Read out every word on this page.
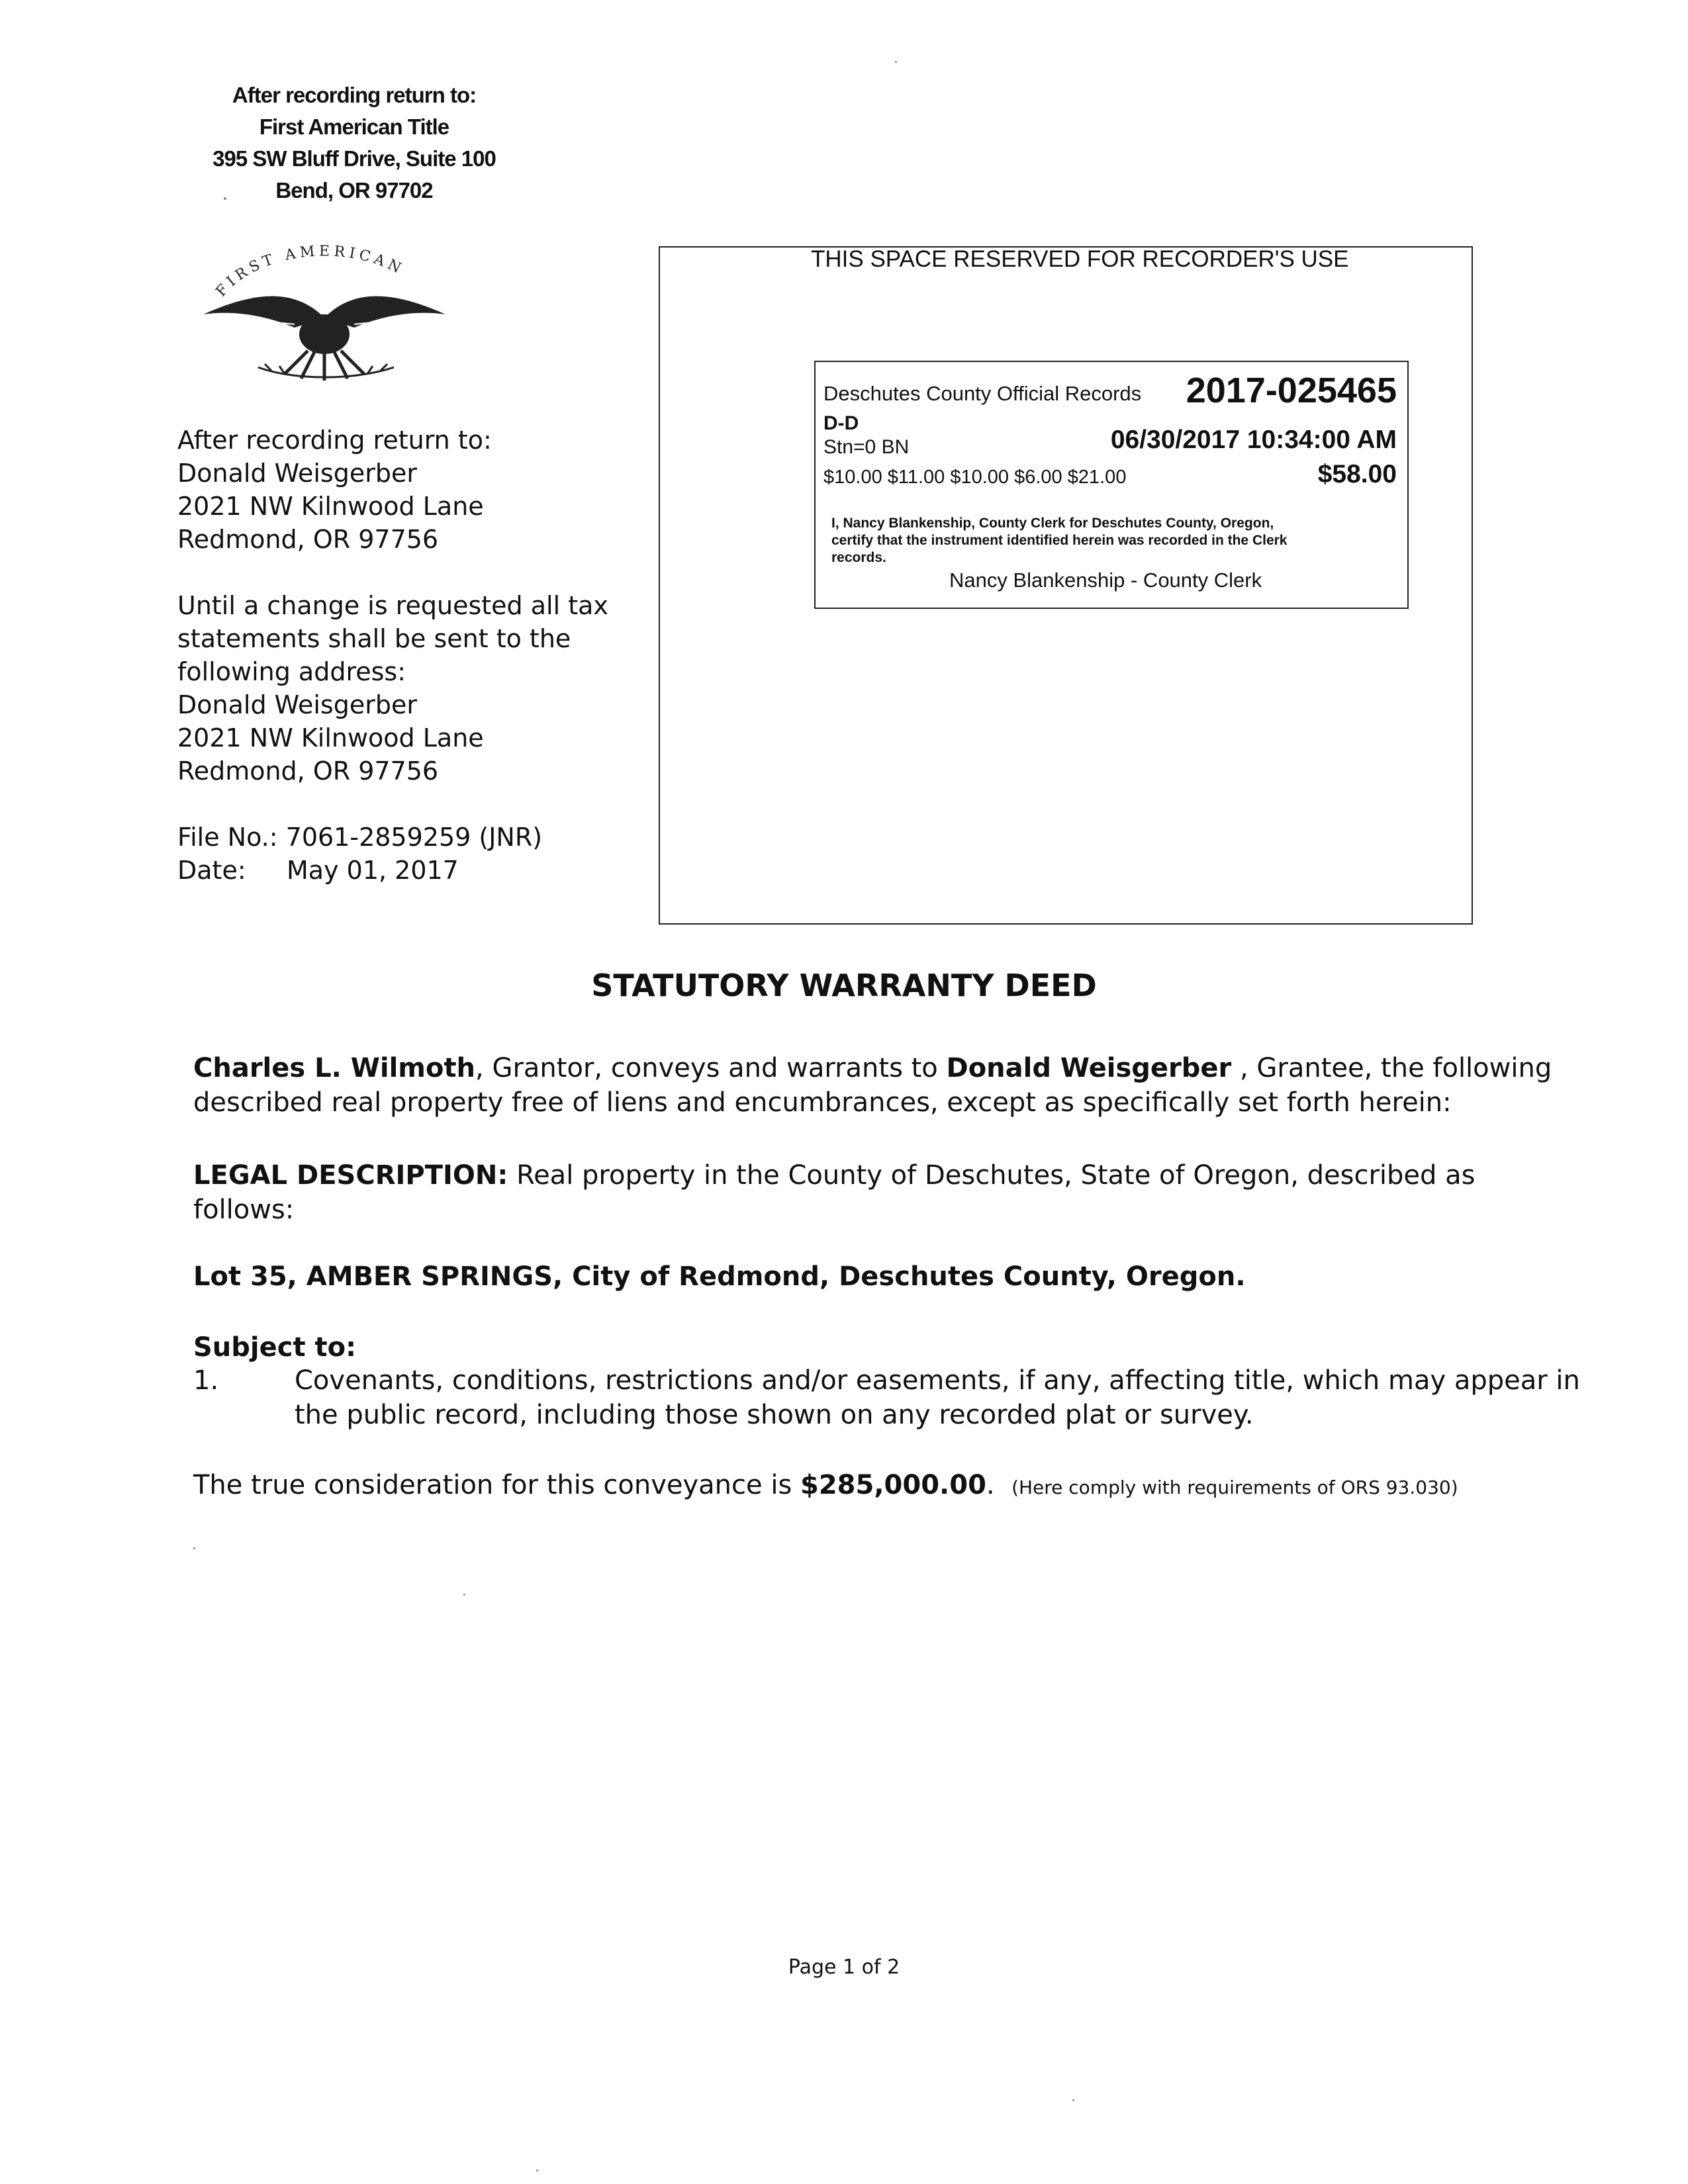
After recording return to:
First American Title
395 SW Bluff Drive, Suite 100
Bend, OR 97702
FIRST AMERICAN
After recording return to:
Donald Weisgerber
2021 NW Kilnwood Lane
Redmond, OR 97756
Until a change is requested all tax
statements shall be sent to the
following address:
Donald Weisgerber
2021 NW Kilnwood Lane
Redmond, OR 97756
File No.: 7061-2859259 (JNR)
Date: May 01, 2017
THIS SPACE RESERVED FOR RECORDER'S USE
Deschutes County Official Records 2017-025465
D-D
Stn=0 BN	06/30/2017 10:34:00 AM
$10.00 $11.00 $10.00 $6.00 $21.00	$58.00
I, Nancy Blankenship, County Clerk for Deschutes County, Oregon,
certify that the instrument identified herein was recorded in the Clerk
records.
Nancy Blankenship - County Clerk
STATUTORY WARRANTY DEED
Charles L. Wilmoth, Grantor, conveys and warrants to Donald Weisgerber , Grantee, the following
described real property free of liens and encumbrances, except as specifically set forth herein:
LEGAL DESCRIPTION: Real property in the County of Deschutes, State of Oregon, described as
follows:
Lot 35, AMBER SPRINGS, City of Redmond, Deschutes County, Oregon.
Subject to:
1.	Covenants, conditions, restrictions and/or easements, if any, affecting title, which may appear in
the public record, including those shown on any recorded plat or survey.
The true consideration for this conveyance is $285,000.00. (Here comply with requirements of ORS 93.030)
Page 1 of 2
